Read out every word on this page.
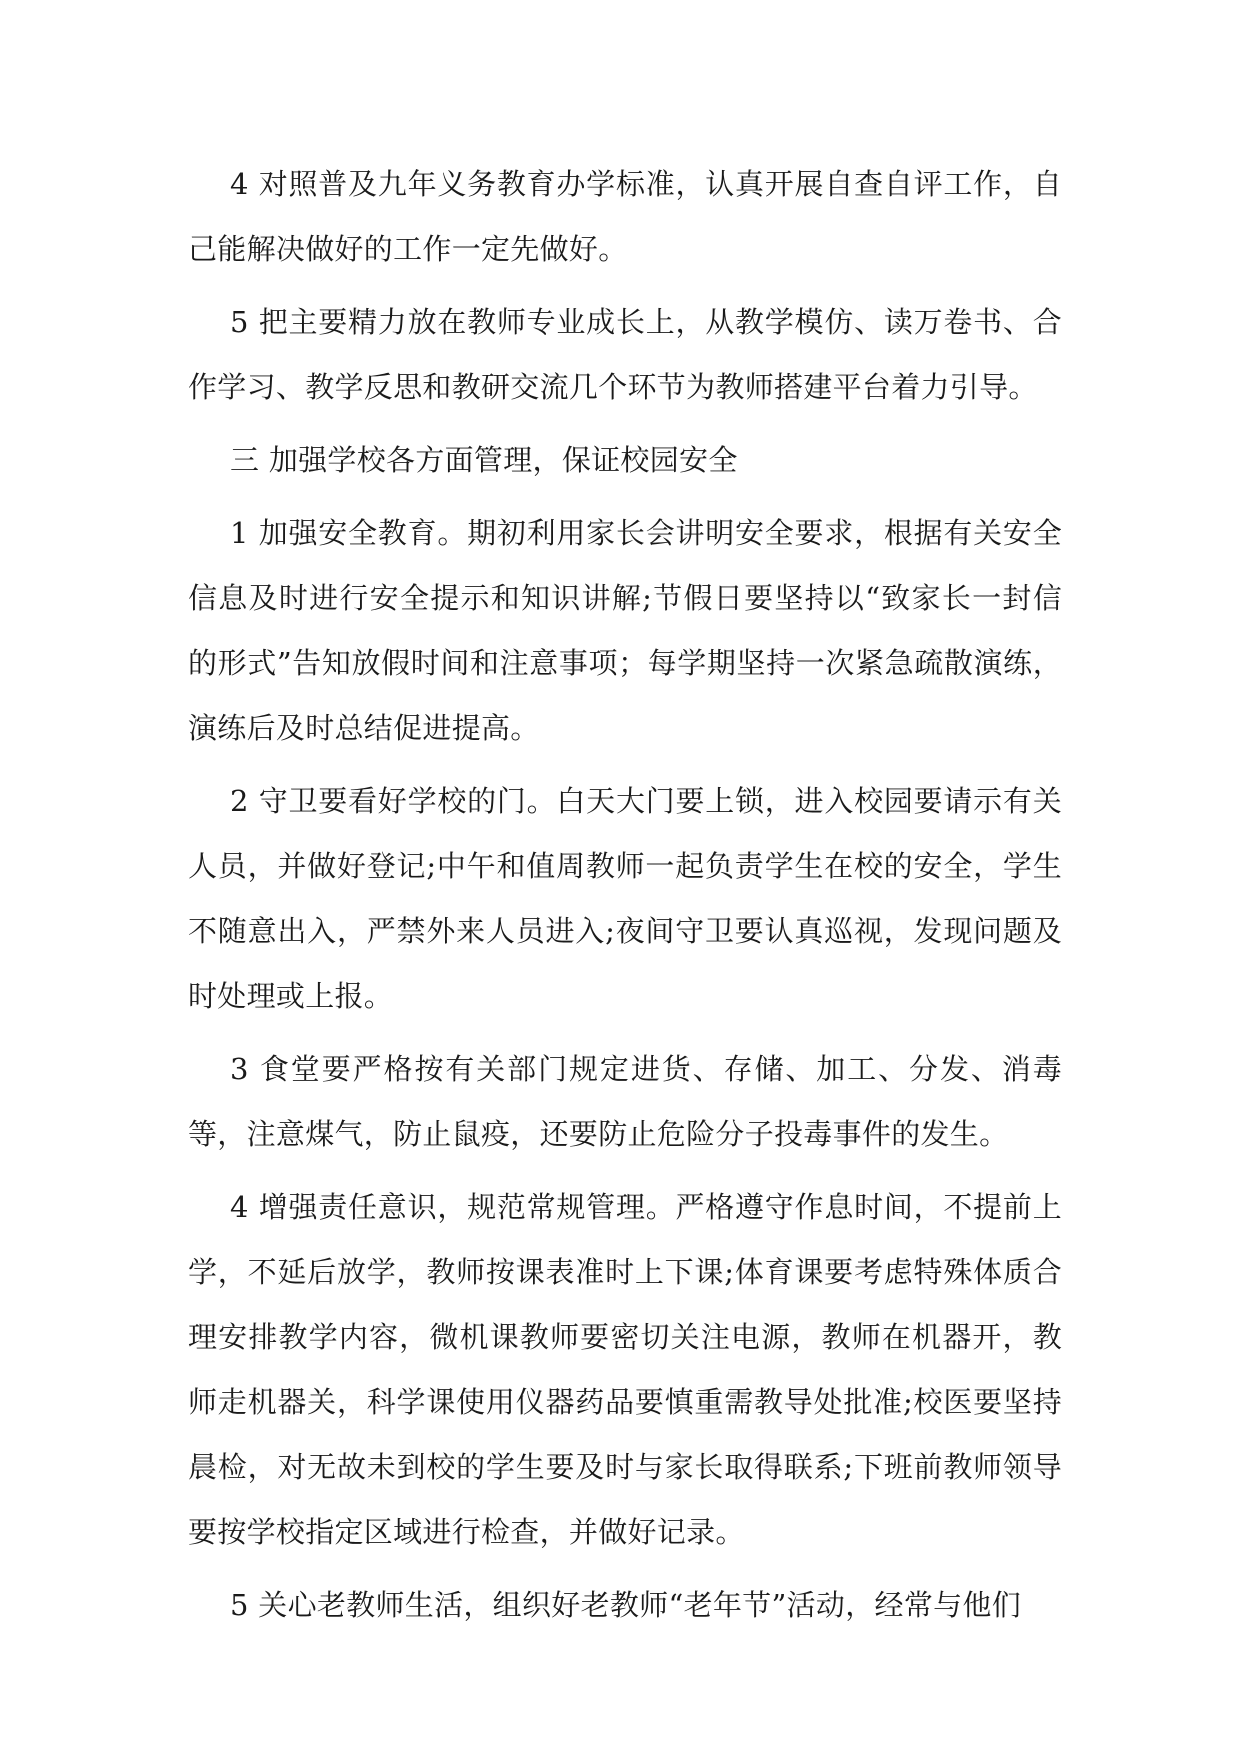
4 对照普及九年义务教育办学标准，认真开展自查自评工作，自己能解决做好的工作一定先做好。

5 把主要精力放在教师专业成长上，从教学模仿、读万卷书、合作学习、教学反思和教研交流几个环节为教师搭建平台着力引导。

三 加强学校各方面管理，保证校园安全

1 加强安全教育。期初利用家长会讲明安全要求，根据有关安全信息及时进行安全提示和知识讲解;节假日要坚持以“致家长一封信的形式”告知放假时间和注意事项；每学期坚持一次紧急疏散演练，演练后及时总结促进提高。

2 守卫要看好学校的门。白天大门要上锁，进入校园要请示有关人员，并做好登记;中午和值周教师一起负责学生在校的安全，学生不随意出入，严禁外来人员进入;夜间守卫要认真巡视，发现问题及时处理或上报。

3 食堂要严格按有关部门规定进货、存储、加工、分发、消毒等，注意煤气，防止鼠疫，还要防止危险分子投毒事件的发生。

4 增强责任意识，规范常规管理。严格遵守作息时间，不提前上学，不延后放学，教师按课表准时上下课;体育课要考虑特殊体质合理安排教学内容，微机课教师要密切关注电源，教师在机器开，教师走机器关，科学课使用仪器药品要慎重需教导处批准;校医要坚持晨检，对无故未到校的学生要及时与家长取得联系;下班前教师领导要按学校指定区域进行检查，并做好记录。

5 关心老教师生活，组织好老教师“老年节”活动，经常与他们
